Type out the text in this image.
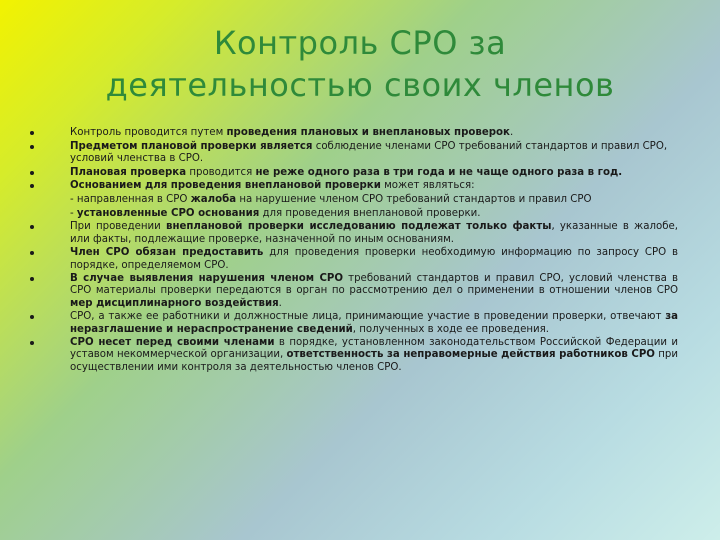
Контроль СРО за
деятельностью своих членов
Контроль проводится путем проведения плановых и внеплановых проверок.
Предметом плановой проверки является соблюдение членами СРО требований стандартов и правил СРО, условий членства в СРО.
Плановая проверка проводится не реже одного раза в три года и не чаще одного раза в год.
Основанием для проведения внеплановой проверки может являться:
- направленная в СРО жалоба на нарушение членом СРО требований стандартов и правил СРО
- установленные СРО основания для проведения внеплановой проверки.
При проведении внеплановой проверки исследованию подлежат только факты, указанные в жалобе, или факты, подлежащие проверке, назначенной по иным основаниям.
Член СРО обязан предоставить для проведения проверки необходимую информацию по запросу СРО в порядке, определяемом СРО.
В случае выявления нарушения членом СРО требований стандартов и правил СРО, условий членства в СРО материалы проверки передаются в орган по рассмотрению дел о применении в отношении членов СРО мер дисциплинарного воздействия.
СРО, а также ее работники и должностные лица, принимающие участие в проведении проверки, отвечают за неразглашение и нераспространение сведений, полученных в ходе ее проведения.
СРО несет перед своими членами в порядке, установленном законодательством Российской Федерации и уставом некоммерческой организации, ответственность за неправомерные действия работников СРО при осуществлении ими контроля за деятельностью членов СРО.
